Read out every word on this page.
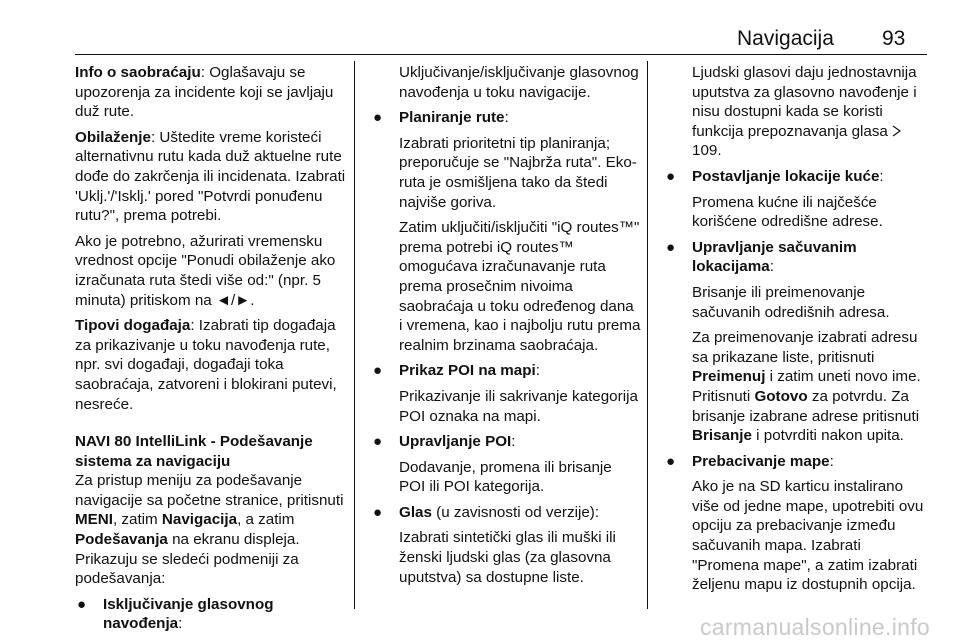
Navigacija 93

Info o saobraćaju: Oglašavaju se upozorenja za incidente koji se javljaju duž rute.

Obilaženje: Uštedite vreme koristeći alternativnu rutu kada duž aktuelne rute dođe do zakrčenja ili incidenata. Izabrati 'Uklj.'/'Isklj.' pored "Potvrdi ponuđenu rutu?", prema potrebi.

Ako je potrebno, ažurirati vremensku vrednost opcije "Ponudi obilaženje ako izračunata ruta štedi više od:" (npr. 5 minuta) pritiskom na ◄/►.

Tipovi događaja: Izabrati tip događaja za prikazivanje u toku navođenja rute, npr. svi događaji, događaji toka saobraćaja, zatvoreni i blokirani putevi, nesreće.

NAVI 80 IntelliLink - Podešavanje sistema za navigaciju

Za pristup meniju za podešavanje navigacije sa početne stranice, pritisnuti MENI, zatim Navigacija, a zatim Podešavanja na ekranu displeja. Prikazuju se sledeći podmeniji za podešavanja:

● Isključivanje glasovnog navođenja:
Uključivanje/isključivanje glasovnog navođenja u toku navigacije.
● Planiranje rute:
Izabrati prioritetni tip planiranja; preporučuje se "Najbrža ruta". Eko-ruta je osmišljena tako da štedi najviše goriva.
Zatim uključiti/isključiti "iQ routes™" prema potrebi iQ routes™ omogućava izračunavanje ruta prema prosečnim nivoima saobraćaja u toku određenog dana i vremena, kao i najbolju rutu prema realnim brzinama saobraćaja.
● Prikaz POI na mapi:
Prikazivanje ili sakrivanje kategorija POI oznaka na mapi.
● Upravljanje POI:
Dodavanje, promena ili brisanje POI ili POI kategorija.
● Glas (u zavisnosti od verzije):
Izabrati sintetički glas ili muški ili ženski ljudski glas (za glasovna uputstva) sa dostupne liste.
Ljudski glasovi daju jednostavnija uputstva za glasovno navođenje i nisu dostupni kada se koristi funkcija prepoznavanja glasa 109.
● Postavljanje lokacije kuće:
Promena kućne ili najčešće korišćene odredišne adrese.
● Upravljanje sačuvanim lokacijama:
Brisanje ili preimenovanje sačuvanih odredišnih adresa.
Za preimenovanje izabrati adresu sa prikazane liste, pritisnuti Preimenuj i zatim uneti novo ime. Pritisnuti Gotovo za potvrdu. Za brisanje izabrane adrese pritisnuti Brisanje i potvrditi nakon upita.
● Prebacivanje mape:
Ako je na SD karticu instalirano više od jedne mape, upotrebiti ovu opciju za prebacivanje između sačuvanih mapa. Izabrati "Promena mape", a zatim izabrati željenu mapu iz dostupnih opcija.
carmanualsonline.info
